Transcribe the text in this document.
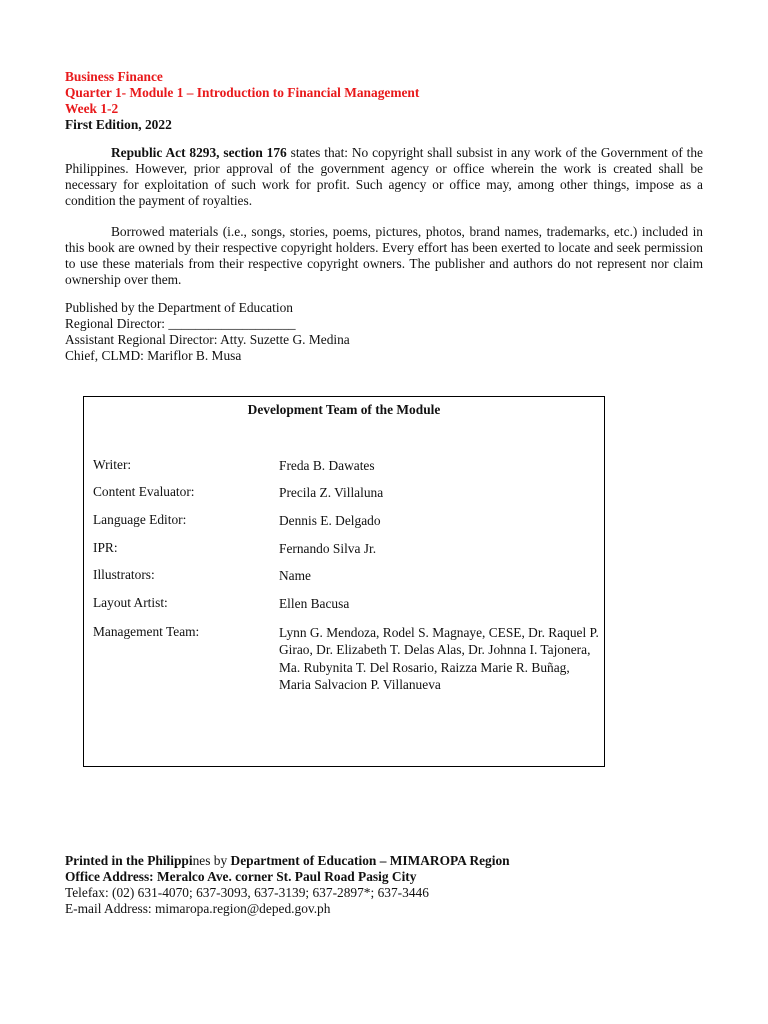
Business Finance
Quarter 1- Module 1 – Introduction to Financial Management
Week 1-2
First Edition, 2022

Republic Act 8293, section 176 states that: No copyright shall subsist in any work of the Government of the Philippines. However, prior approval of the government agency or office wherein the work is created shall be necessary for exploitation of such work for profit. Such agency or office may, among other things, impose as a condition the payment of royalties.

Borrowed materials (i.e., songs, stories, poems, pictures, photos, brand names, trademarks, etc.) included in this book are owned by their respective copyright holders. Every effort has been exerted to locate and seek permission to use these materials from their respective copyright owners. The publisher and authors do not represent nor claim ownership over them.

Published by the Department of Education
Regional Director: ___________________
Assistant Regional Director: Atty. Suzette G. Medina
Chief, CLMD: Mariflor B. Musa
Development Team of the Module
Writer:	Freda B. Dawates
Content Evaluator:	Precila Z. Villaluna
Language Editor:	Dennis E. Delgado
IPR:	Fernando Silva Jr.
Illustrators:	Name
Layout Artist:	Ellen Bacusa
Management Team:	Lynn G. Mendoza, Rodel S. Magnaye, CESE, Dr. Raquel P. Girao, Dr. Elizabeth T. Delas Alas, Dr. Johnna I. Tajonera, Ma. Rubynita T. Del Rosario, Raizza Marie R. Buñag, Maria Salvacion P. Villanueva
Printed in the Philippines by Department of Education – MIMAROPA Region
Office Address: Meralco Ave. corner St. Paul Road Pasig City
Telefax: (02) 631-4070; 637-3093, 637-3139; 637-2897*; 637-3446
E-mail Address: mimaropa.region@deped.gov.ph
